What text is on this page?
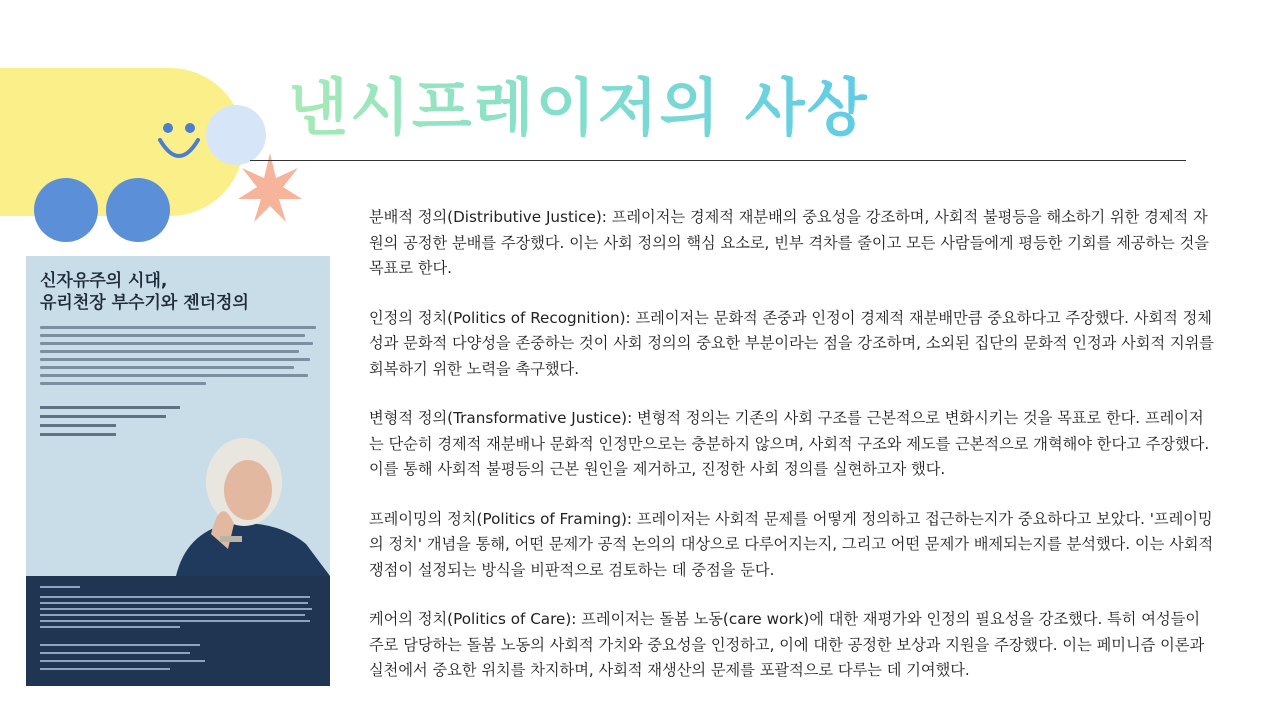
낸시프레이저의 사상
신자유주의 시대,
유리천장 부수기와 젠더정의

분배적 정의(Distributive Justice): 프레이저는 경제적 재분배의 중요성을 강조하며, 사회적 불평등을 해소하기 위한 경제적 자원의 공정한 분배를 주장했다. 이는 사회 정의의 핵심 요소로, 빈부 격차를 줄이고 모든 사람들에게 평등한 기회를 제공하는 것을 목표로 한다.

인정의 정치(Politics of Recognition): 프레이저는 문화적 존중과 인정이 경제적 재분배만큼 중요하다고 주장했다. 사회적 정체성과 문화적 다양성을 존중하는 것이 사회 정의의 중요한 부분이라는 점을 강조하며, 소외된 집단의 문화적 인정과 사회적 지위를 회복하기 위한 노력을 촉구했다.

변형적 정의(Transformative Justice): 변형적 정의는 기존의 사회 구조를 근본적으로 변화시키는 것을 목표로 한다. 프레이저는 단순히 경제적 재분배나 문화적 인정만으로는 충분하지 않으며, 사회적 구조와 제도를 근본적으로 개혁해야 한다고 주장했다. 이를 통해 사회적 불평등의 근본 원인을 제거하고, 진정한 사회 정의를 실현하고자 했다.

프레이밍의 정치(Politics of Framing): 프레이저는 사회적 문제를 어떻게 정의하고 접근하는지가 중요하다고 보았다. '프레이밍의 정치' 개념을 통해, 어떤 문제가 공적 논의의 대상으로 다루어지는지, 그리고 어떤 문제가 배제되는지를 분석했다. 이는 사회적 쟁점이 설정되는 방식을 비판적으로 검토하는 데 중점을 둔다.

케어의 정치(Politics of Care): 프레이저는 돌봄 노동(care work)에 대한 재평가와 인정의 필요성을 강조했다. 특히 여성들이 주로 담당하는 돌봄 노동의 사회적 가치와 중요성을 인정하고, 이에 대한 공정한 보상과 지원을 주장했다. 이는 페미니즘 이론과 실천에서 중요한 위치를 차지하며, 사회적 재생산의 문제를 포괄적으로 다루는 데 기여했다.
